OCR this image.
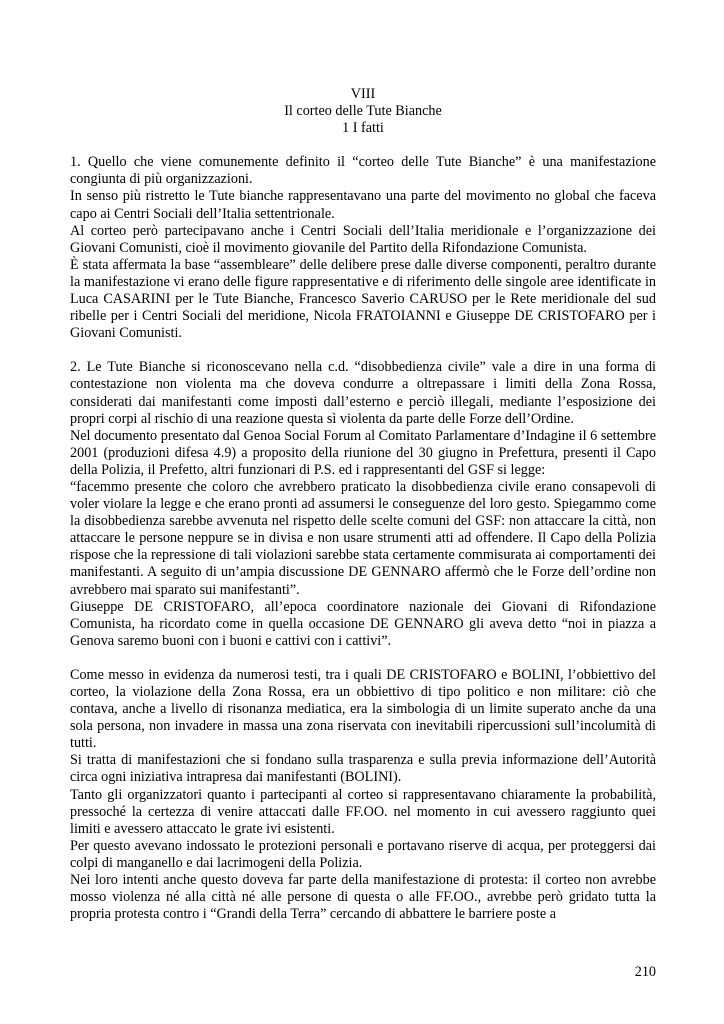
VIII

Il corteo delle Tute Bianche

1 I fatti

1. Quello che viene comunemente definito il “corteo delle Tute Bianche” è una manifestazione congiunta di più organizzazioni.

In senso più ristretto le Tute bianche rappresentavano una parte del movimento no global che faceva capo ai Centri Sociali dell’Italia settentrionale.

Al corteo però partecipavano anche i Centri Sociali dell’Italia meridionale e l’organizzazione dei Giovani Comunisti, cioè il movimento giovanile del Partito della Rifondazione Comunista.

È stata affermata la base “assembleare” delle delibere prese dalle diverse componenti, peraltro durante la manifestazione vi erano delle figure rappresentative e di riferimento delle singole aree identificate in Luca CASARINI per le Tute Bianche, Francesco Saverio CARUSO per le Rete meridionale del sud ribelle per i Centri Sociali del meridione, Nicola FRATOIANNI e Giuseppe DE CRISTOFARO per i Giovani Comunisti.

2. Le Tute Bianche si riconoscevano nella c.d. “disobbedienza civile” vale a dire in una forma di contestazione non violenta ma che doveva condurre a oltrepassare i limiti della Zona Rossa, considerati dai manifestanti come imposti dall’esterno e perciò illegali, mediante l’esposizione dei propri corpi al rischio di una reazione questa sì violenta da parte delle Forze dell’Ordine.

Nel documento presentato dal Genoa Social Forum al Comitato Parlamentare d’Indagine il 6 settembre 2001 (produzioni difesa 4.9) a proposito della riunione del 30 giugno in Prefettura, presenti il Capo della Polizia, il Prefetto, altri funzionari di P.S. ed i rappresentanti del GSF si legge:

“facemmo presente che coloro che avrebbero praticato la disobbedienza civile erano consapevoli di voler violare la legge e che erano pronti ad assumersi le conseguenze del loro gesto. Spiegammo come la disobbedienza sarebbe avvenuta nel rispetto delle scelte comuni del GSF: non attaccare la città, non attaccare le persone neppure se in divisa e non usare strumenti atti ad offendere. Il Capo della Polizia rispose che la repressione di tali violazioni sarebbe stata certamente commisurata ai comportamenti dei manifestanti. A seguito di un’ampia discussione DE GENNARO affermò che le Forze dell’ordine non avrebbero mai sparato sui manifestanti”.

Giuseppe DE CRISTOFARO, all’epoca coordinatore nazionale dei Giovani di Rifondazione Comunista, ha ricordato come in quella occasione DE GENNARO gli aveva detto “noi in piazza a Genova saremo buoni con i buoni e cattivi con i cattivi”.

Come messo in evidenza da numerosi testi, tra i quali DE CRISTOFARO e BOLINI, l’obbiettivo del corteo, la violazione della Zona Rossa, era un obbiettivo di tipo politico e non militare: ciò che contava, anche a livello di risonanza mediatica, era la simbologia di un limite superato anche da una sola persona, non invadere in massa una zona riservata con inevitabili ripercussioni sull’incolumità di tutti.

Si tratta di manifestazioni che si fondano sulla trasparenza e sulla previa informazione dell’Autorità circa ogni iniziativa intrapresa dai manifestanti (BOLINI).

Tanto gli organizzatori quanto i partecipanti al corteo si rappresentavano chiaramente la probabilità, pressoché la certezza di venire attaccati dalle FF.OO. nel momento in cui avessero raggiunto quei limiti e avessero attaccato le grate ivi esistenti.

Per questo avevano indossato le protezioni personali e portavano riserve di acqua, per proteggersi dai colpi di manganello e dai lacrimogeni della Polizia.

Nei loro intenti anche questo doveva far parte della manifestazione di protesta: il corteo non avrebbe mosso violenza né alla città né alle persone di questa o alle FF.OO., avrebbe però gridato tutta la propria protesta contro i “Grandi della Terra” cercando di abbattere le barriere poste a

210
